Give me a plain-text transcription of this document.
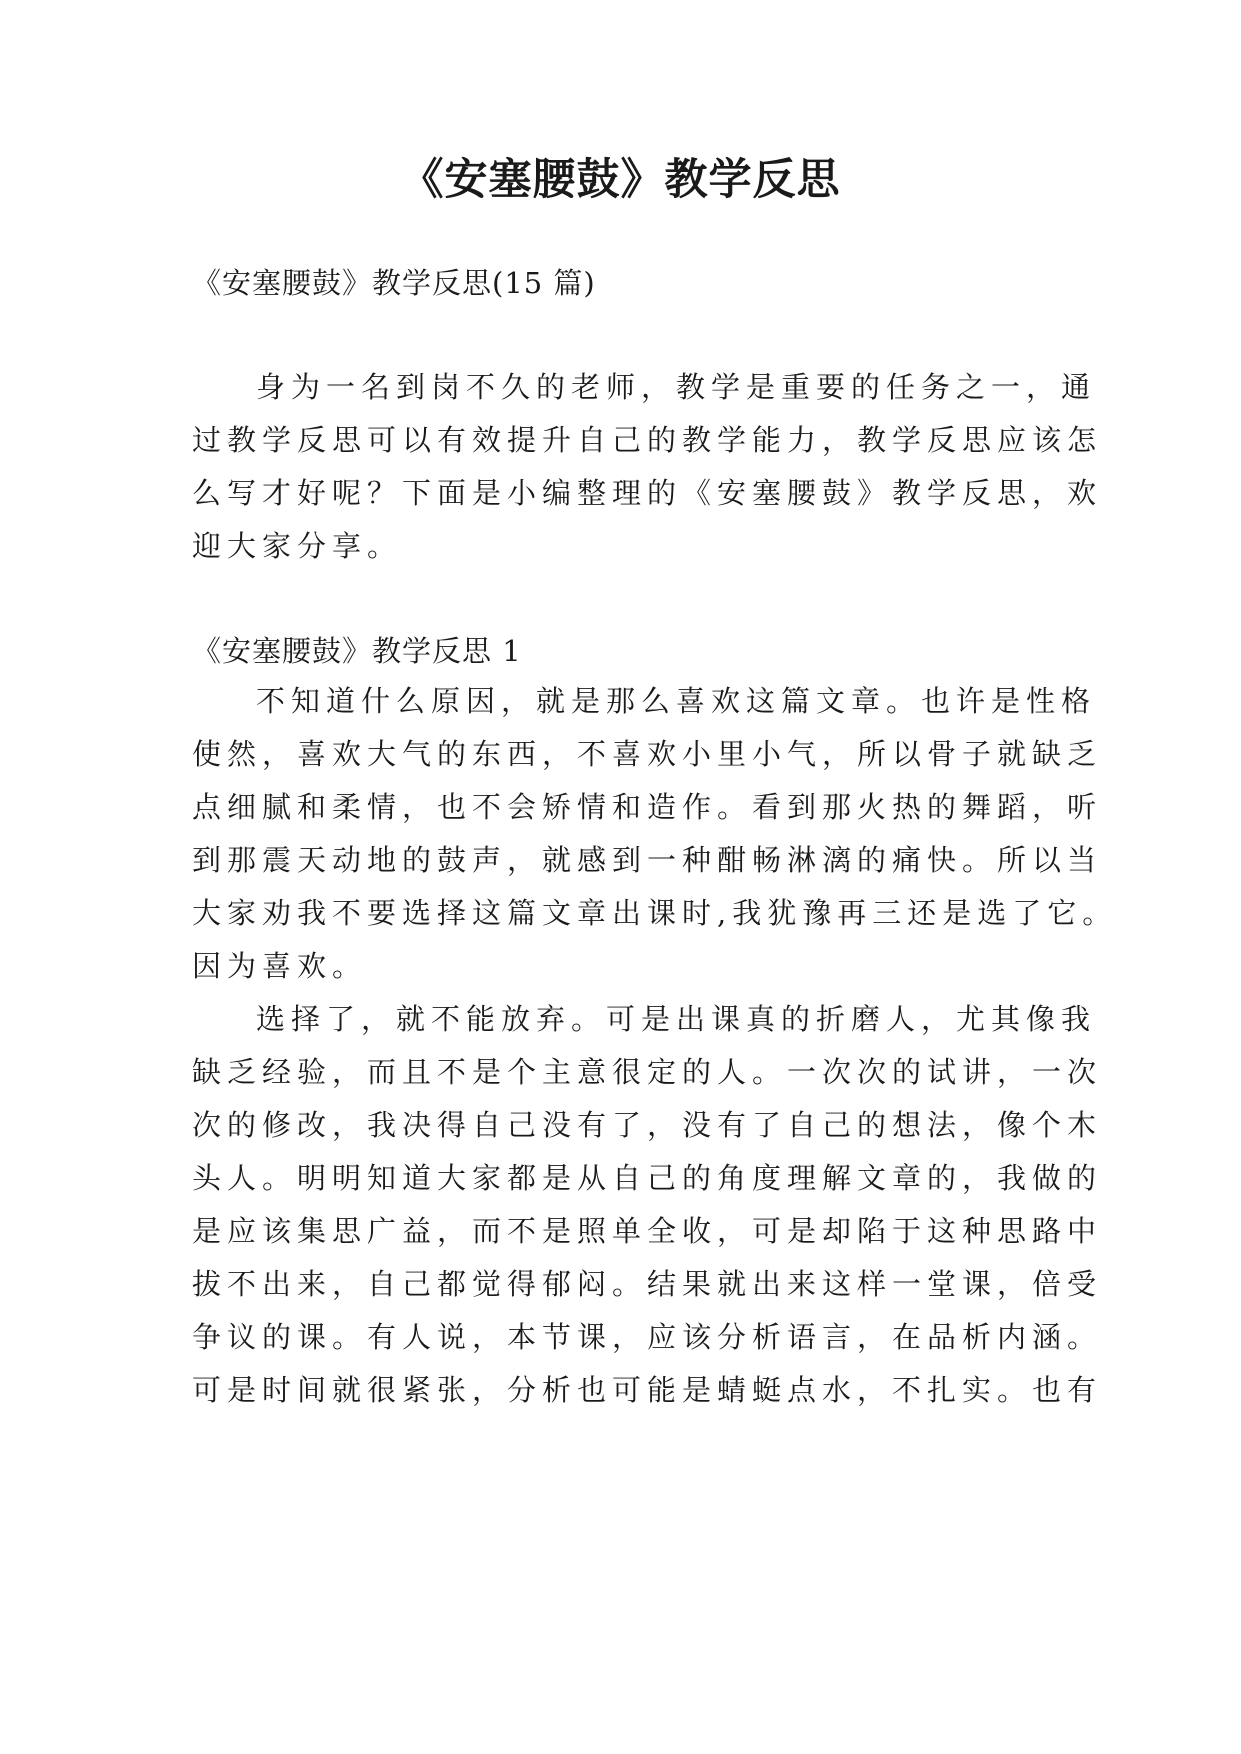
《安塞腰鼓》教学反思
《安塞腰鼓》教学反思(15 篇)
身为一名到岗不久的老师，教学是重要的任务之一，通
过教学反思可以有效提升自己的教学能力，教学反思应该怎
么写才好呢？下面是小编整理的《安塞腰鼓》教学反思，欢
迎大家分享。
《安塞腰鼓》教学反思 1
不知道什么原因，就是那么喜欢这篇文章。也许是性格
使然，喜欢大气的东西，不喜欢小里小气，所以骨子就缺乏
点细腻和柔情，也不会矫情和造作。看到那火热的舞蹈，听
到那震天动地的鼓声，就感到一种酣畅淋漓的痛快。所以当
大家劝我不要选择这篇文章出课时,我犹豫再三还是选了它。
因为喜欢。
选择了，就不能放弃。可是出课真的折磨人，尤其像我
缺乏经验，而且不是个主意很定的人。一次次的试讲，一次
次的修改，我决得自己没有了，没有了自己的想法，像个木
头人。明明知道大家都是从自己的角度理解文章的，我做的
是应该集思广益，而不是照单全收，可是却陷于这种思路中
拔不出来，自己都觉得郁闷。结果就出来这样一堂课，倍受
争议的课。有人说，本节课，应该分析语言，在品析内涵。
可是时间就很紧张，分析也可能是蜻蜓点水，不扎实。也有
